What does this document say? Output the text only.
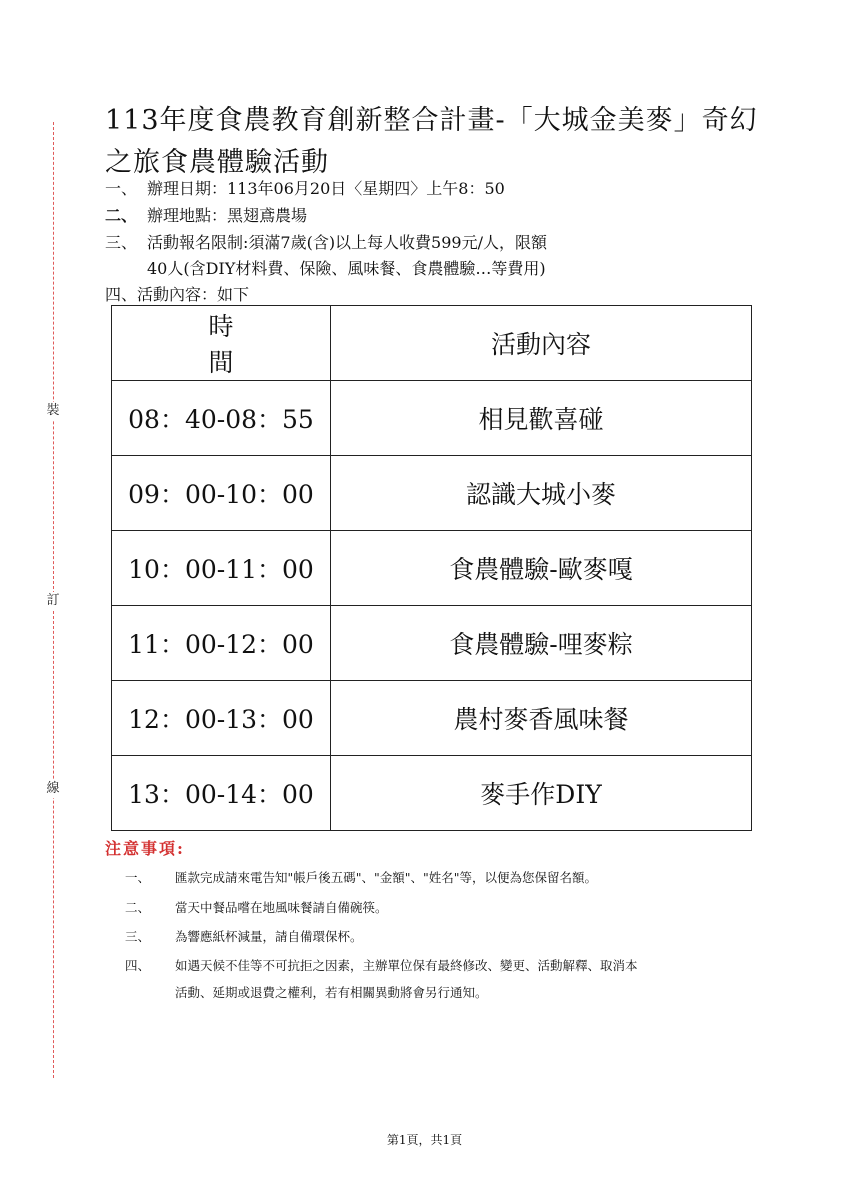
裝
訂
線
113年度食農教育創新整合計畫-「大城金美麥」奇幻之旅食農體驗活動
一、 辦理日期：113年06月20日〈星期四〉上午8：50
二、 辦理地點：黑翅鳶農場
三、 活動報名限制:須滿7歲(含)以上每人收費599元/人，限額
40人(含DIY材料費、保險、風味餐、食農體驗…等費用)
四、活動內容：如下
時間	活動內容
08：40-08：55	相見歡喜碰
09：00-10：00	認識大城小麥
10：00-11：00	食農體驗-歐麥嘎
11：00-12：00	食農體驗-哩麥粽
12：00-13：00	農村麥香風味餐
13：00-14：00	麥手作DIY
注意事項:
一、 匯款完成請來電告知"帳戶後五碼"、"金額"、"姓名"等，以便為您保留名額。
二、 當天中餐品嚐在地風味餐請自備碗筷。
三、 為響應紙杯減量，請自備環保杯。
四、 如遇天候不佳等不可抗拒之因素，主辦單位保有最終修改、變更、活動解釋、取消本
活動、延期或退費之權利，若有相關異動將會另行通知。
第1頁，共1頁
